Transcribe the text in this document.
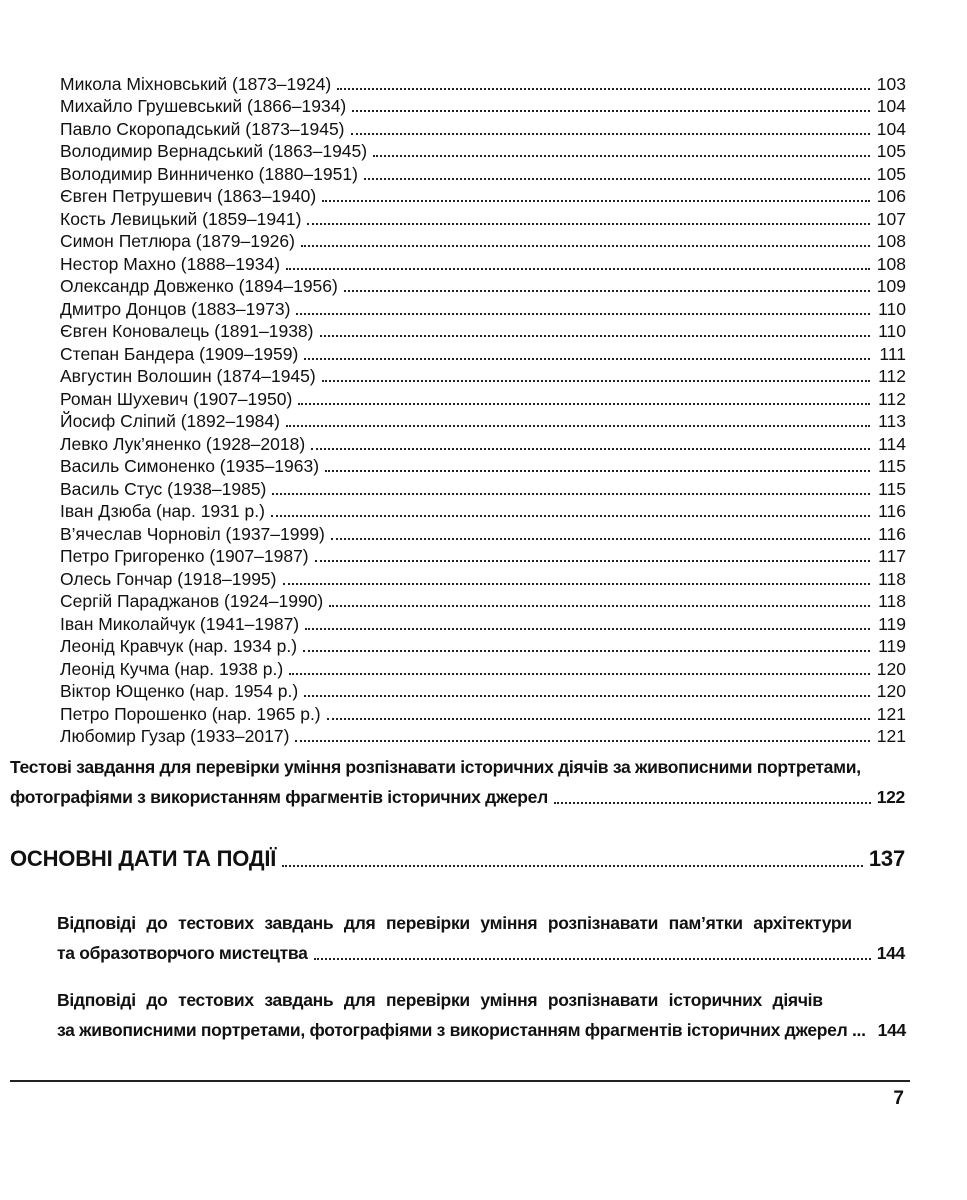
Микола Міхновський (1873–1924)	103
Михайло Грушевський (1866–1934)	104
Павло Скоропадський (1873–1945)	104
Володимир Вернадський (1863–1945)	105
Володимир Винниченко (1880–1951)	105
Євген Петрушевич (1863–1940)	106
Кость Левицький (1859–1941)	107
Симон Петлюра (1879–1926)	108
Нестор Махно (1888–1934)	108
Олександр Довженко (1894–1956)	109
Дмитро Донцов (1883–1973)	110
Євген Коновалець (1891–1938)	110
Степан Бандера (1909–1959)	111
Августин Волошин (1874–1945)	112
Роман Шухевич (1907–1950)	112
Йосиф Сліпий (1892–1984)	113
Левко Лук’яненко (1928–2018)	114
Василь Симоненко (1935–1963)	115
Василь Стус (1938–1985)	115
Іван Дзюба (нар. 1931 р.)	116
В’ячеслав Чорновіл (1937–1999)	116
Петро Григоренко (1907–1987)	117
Олесь Гончар (1918–1995)	118
Сергій Параджанов (1924–1990)	118
Іван Миколайчук (1941–1987)	119
Леонід Кравчук (нар. 1934 р.)	119
Леонід Кучма (нар. 1938 р.)	120
Віктор Ющенко (нар. 1954 р.)	120
Петро Порошенко (нар. 1965 р.)	121
Любомир Гузар (1933–2017)	121
Тестові завдання для перевірки уміння розпізнавати історичних діячів за живописними портретами,
фотографіями з використанням фрагментів історичних джерел	122
ОСНОВНІ ДАТИ ТА ПОДІЇ	137
Відповіді до тестових завдань для перевірки уміння розпізнавати пам’ятки архітектури
та образотворчого мистецтва	144
Відповіді до тестових завдань для перевірки уміння розпізнавати історичних діячів
за живописними портретами, фотографіями з використанням фрагментів історичних джерел ... 144
7
